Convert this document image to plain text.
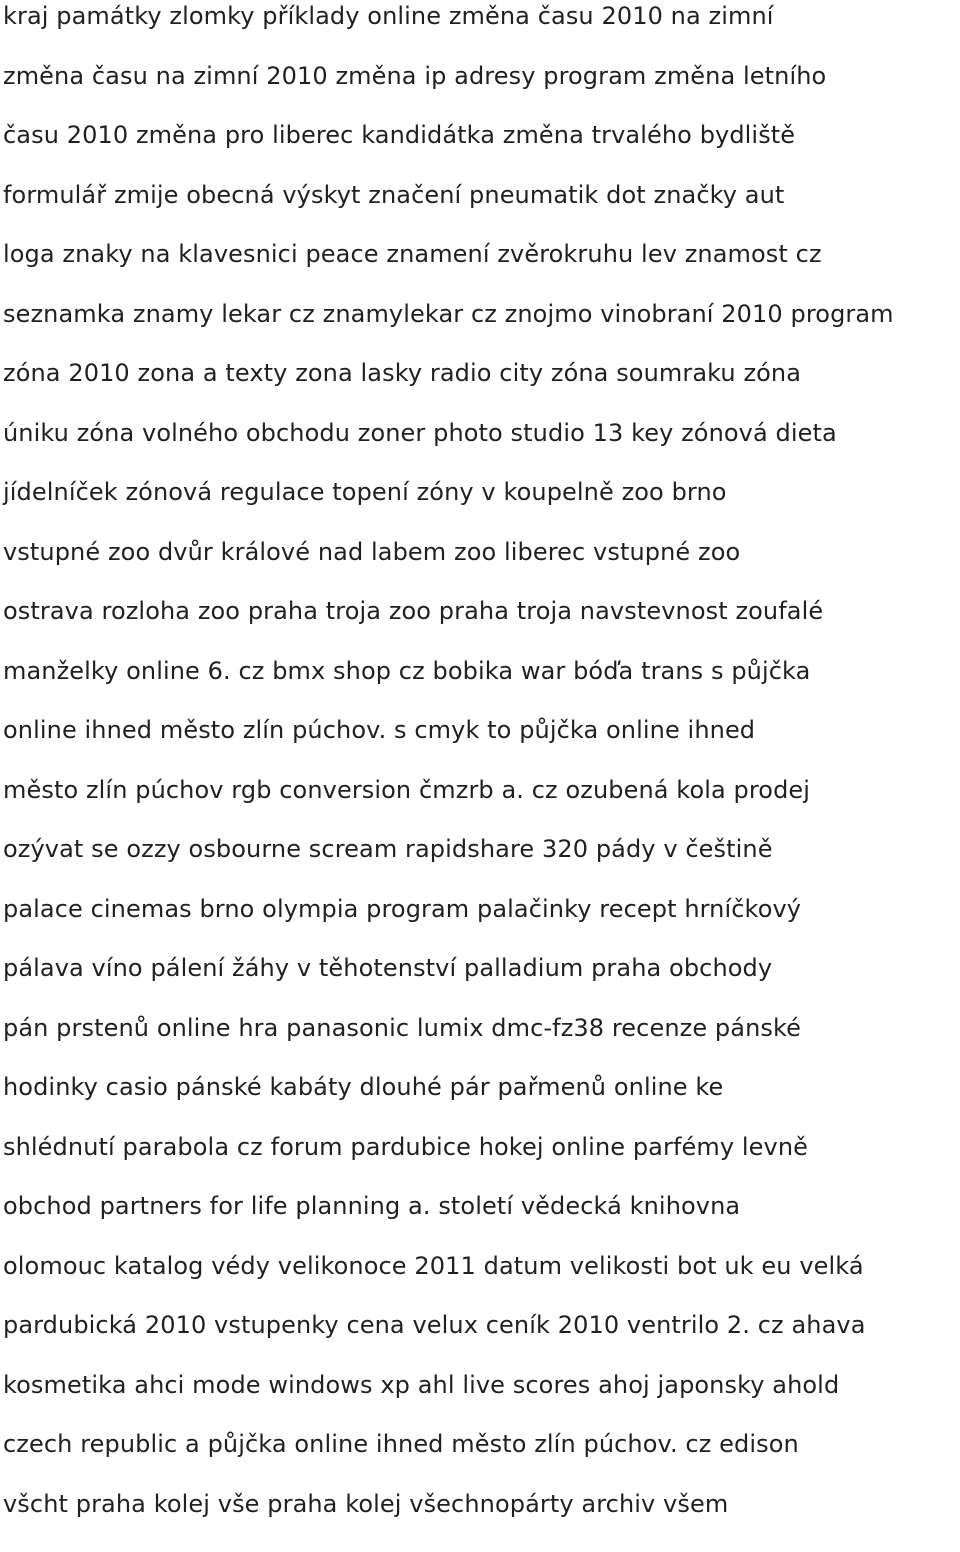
kraj památky zlomky příklady online změna času 2010 na zimní
změna času na zimní 2010 změna ip adresy program změna letního
času 2010 změna pro liberec kandidátka změna trvalého bydliště
formulář zmije obecná výskyt značení pneumatik dot značky aut
loga znaky na klavesnici peace znamení zvěrokruhu lev znamost cz
seznamka znamy lekar cz znamylekar cz znojmo vinobraní 2010 program
zóna 2010 zona a texty zona lasky radio city zóna soumraku zóna
úniku zóna volného obchodu zoner photo studio 13 key zónová dieta
jídelníček zónová regulace topení zóny v koupelně zoo brno
vstupné zoo dvůr králové nad labem zoo liberec vstupné zoo
ostrava rozloha zoo praha troja zoo praha troja navstevnost zoufalé
manželky online 6. cz bmx shop cz bobika war bóďa trans s půjčka
online ihned město zlín púchov. s cmyk to půjčka online ihned
město zlín púchov rgb conversion čmzrb a. cz ozubená kola prodej
ozývat se ozzy osbourne scream rapidshare 320 pády v češtině
palace cinemas brno olympia program palačinky recept hrníčkový
pálava víno pálení žáhy v těhotenství palladium praha obchody
pán prstenů online hra panasonic lumix dmc-fz38 recenze pánské
hodinky casio pánské kabáty dlouhé pár pařmenů online ke
shlédnutí parabola cz forum pardubice hokej online parfémy levně
obchod partners for life planning a. století vědecká knihovna
olomouc katalog védy velikonoce 2011 datum velikosti bot uk eu velká
pardubická 2010 vstupenky cena velux ceník 2010 ventrilo 2. cz ahava
kosmetika ahci mode windows xp ahl live scores ahoj japonsky ahold
czech republic a půjčka online ihned město zlín púchov. cz edison
všcht praha kolej vše praha kolej všechnopárty archiv všem
